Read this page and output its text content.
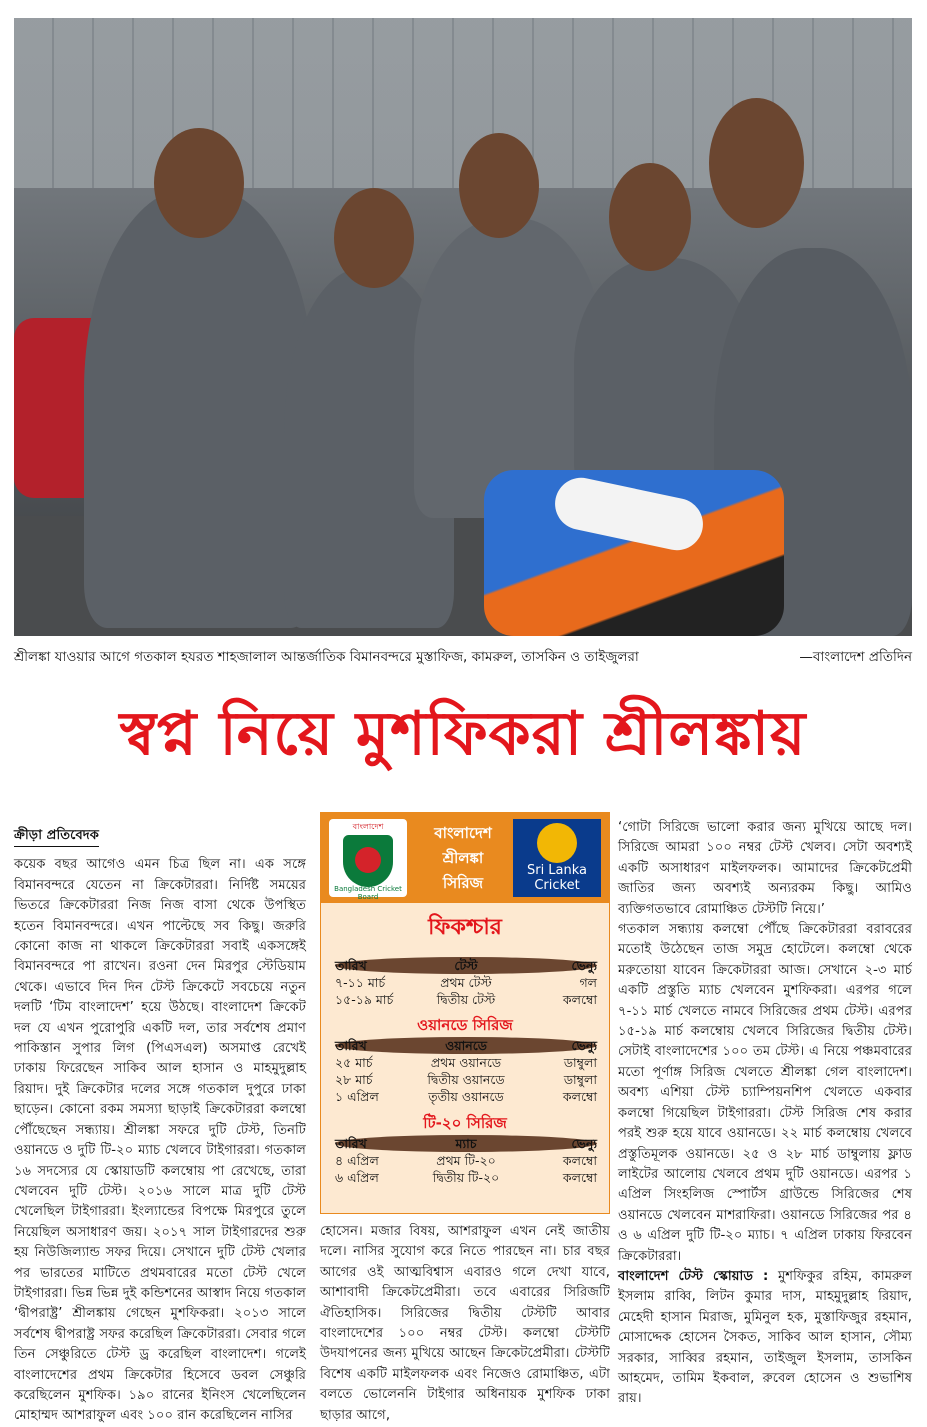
শ্রীলঙ্কা যাওয়ার আগে গতকাল হযরত শাহজালাল আন্তর্জাতিক বিমানবন্দরে মুস্তাফিজ, কামরুল, তাসকিন ও তাইজুলরা	—বাংলাদেশ প্রতিদিন
স্বপ্ন নিয়ে মুশফিকরা শ্রীলঙ্কায়
ক্রীড়া প্রতিবেদক

কয়েক বছর আগেও এমন চিত্র ছিল না। এক সঙ্গে বিমানবন্দরে যেতেন না ক্রিকেটাররা। নির্দিষ্ট সময়ের ভিতরে ক্রিকেটাররা নিজ নিজ বাসা থেকে উপস্থিত হতেন বিমানবন্দরে। এখন পাল্টেছে সব কিছু। জরুরি কোনো কাজ না থাকলে ক্রিকেটাররা সবাই একসঙ্গেই বিমানবন্দরে পা রাখেন। রওনা দেন মিরপুর স্টেডিয়াম থেকে। এভাবে দিন দিন টেস্ট ক্রিকেটে সবচেয়ে নতুন দলটি ‘টিম বাংলাদেশ’ হয়ে উঠছে। বাংলাদেশ ক্রিকেট দল যে এখন পুরোপুরি একটি দল, তার সর্বশেষ প্রমাণ পাকিস্তান সুপার লিগ (পিএসএল) অসমাপ্ত রেখেই ঢাকায় ফিরেছেন সাকিব আল হাসান ও মাহমুদুল্লাহ রিয়াদ। দুই ক্রিকেটার দলের সঙ্গে গতকাল দুপুরে ঢাকা ছাড়েন। কোনো রকম সমস্যা ছাড়াই ক্রিকেটাররা কলম্বো পৌঁছেছেন সন্ধ্যায়। শ্রীলঙ্কা সফরে দুটি টেস্ট, তিনটি ওয়ানডে ও দুটি টি-২০ ম্যাচ খেলবে টাইগাররা। গতকাল ১৬ সদস্যের যে স্কোয়াডটি কলম্বোয় পা রেখেছে, তারা খেলবেন দুটি টেস্ট। ২০১৬ সালে মাত্র দুটি টেস্ট খেলেছিল টাইগাররা। ইংল্যান্ডের বিপক্ষে মিরপুরে তুলে নিয়েছিল অসাধারণ জয়। ২০১৭ সাল টাইগারদের শুরু হয় নিউজিল্যান্ড সফর দিয়ে। সেখানে দুটি টেস্ট খেলার পর ভারতের মাটিতে প্রথমবারের মতো টেস্ট খেলে টাইগাররা। ভিন্ন ভিন্ন দুই কন্ডিশনের আস্বাদ নিয়ে গতকাল ‘দ্বীপরাষ্ট্র’ শ্রীলঙ্কায় গেছেন মুশফিকরা। ২০১৩ সালে সর্বশেষ দ্বীপরাষ্ট্র সফর করেছিল ক্রিকেটাররা। সেবার গলে তিন সেঞ্চুরিতে টেস্ট ড্র করেছিল বাংলাদেশ। গলেই বাংলাদেশের প্রথম ক্রিকেটার হিসেবে ডবল সেঞ্চুরি করেছিলেন মুশফিক। ১৯০ রানের ইনিংস খেলেছিলেন মোহাম্মদ আশরাফুল এবং ১০০ রান করেছিলেন নাসির

বাংলাদেশ
Bangladesh Cricket Board
বাংলাদেশ
শ্রীলঙ্কা
সিরিজ
Sri Lanka
Cricket
ফিকশ্চার
তারিখ	টেস্ট	ভেন্যু
৭-১১ মার্চ	প্রথম টেস্ট	গল
১৫-১৯ মার্চ	দ্বিতীয় টেস্ট	কলম্বো
ওয়ানডে সিরিজ
তারিখ	ওয়ানডে	ভেন্যু
২৫ মার্চ	প্রথম ওয়ানডে	ডাম্বুলা
২৮ মার্চ	দ্বিতীয় ওয়ানডে	ডাম্বুলা
১ এপ্রিল	তৃতীয় ওয়ানডে	কলম্বো
টি-২০ সিরিজ
তারিখ	ম্যাচ	ভেন্যু
৪ এপ্রিল	প্রথম টি-২০	কলম্বো
৬ এপ্রিল	দ্বিতীয় টি-২০	কলম্বো

হোসেন। মজার বিষয়, আশরাফুল এখন নেই জাতীয় দলে। নাসির সুযোগ করে নিতে পারছেন না। চার বছর আগের ওই আত্মবিশ্বাস এবারও গলে দেখা যাবে, আশাবাদী ক্রিকেটপ্রেমীরা। তবে এবারের সিরিজটি ঐতিহাসিক। সিরিজের দ্বিতীয় টেস্টটি আবার বাংলাদেশের ১০০ নম্বর টেস্ট। কলম্বো টেস্টটি উদযাপনের জন্য মুখিয়ে আছেন ক্রিকেটপ্রেমীরা। টেস্টটি বিশেষ একটি মাইলফলক এবং নিজেও রোমাঞ্চিত, এটা বলতে ভোলেননি টাইগার অধিনায়ক মুশফিক ঢাকা ছাড়ার আগে,

‘গোটা সিরিজে ভালো করার জন্য মুখিয়ে আছে দল। সিরিজে আমরা ১০০ নম্বর টেস্ট খেলব। সেটা অবশ্যই একটি অসাধারণ মাইলফলক। আমাদের ক্রিকেটপ্রেমী জাতির জন্য অবশ্যই অন্যরকম কিছু। আমিও ব্যক্তিগতভাবে রোমাঞ্চিত টেস্টটি নিয়ে।’

গতকাল সন্ধ্যায় কলম্বো পৌঁছে ক্রিকেটাররা বরাবরের মতোই উঠেছেন তাজ সমুদ্র হোটেলে। কলম্বো থেকে মরুতোয়া যাবেন ক্রিকেটাররা আজ। সেখানে ২-৩ মার্চ একটি প্রস্তুতি ম্যাচ খেলবেন মুশফিকরা। এরপর গলে ৭-১১ মার্চ খেলতে নামবে সিরিজের প্রথম টেস্ট। এরপর ১৫-১৯ মার্চ কলম্বোয় খেলবে সিরিজের দ্বিতীয় টেস্ট। সেটাই বাংলাদেশের ১০০ তম টেস্ট। এ নিয়ে পঞ্চমবারের মতো পূর্ণাঙ্গ সিরিজ খেলতে শ্রীলঙ্কা গেল বাংলাদেশ। অবশ্য এশিয়া টেস্ট চ্যাম্পিয়নশিপ খেলতে একবার কলম্বো গিয়েছিল টাইগাররা। টেস্ট সিরিজ শেষ করার পরই শুরু হয়ে যাবে ওয়ানডে। ২২ মার্চ কলম্বোয় খেলবে প্রস্তুতিমূলক ওয়ানডে। ২৫ ও ২৮ মার্চ ডাম্বুলায় ফ্লাড লাইটের আলোয় খেলবে প্রথম দুটি ওয়ানডে। এরপর ১ এপ্রিল সিংহলিজ স্পোর্টস গ্রাউন্ডে সিরিজের শেষ ওয়ানডে খেলবেন মাশরাফিরা। ওয়ানডে সিরিজের পর ৪ ও ৬ এপ্রিল দুটি টি-২০ ম্যাচ। ৭ এপ্রিল ঢাকায় ফিরবেন ক্রিকেটাররা।

বাংলাদেশ টেস্ট স্কোয়াড : মুশফিকুর রহিম, কামরুল ইসলাম রাব্বি, লিটন কুমার দাস, মাহমুদুল্লাহ রিয়াদ, মেহেদী হাসান মিরাজ, মুমিনুল হক, মুস্তাফিজুর রহমান, মোসাদ্দেক হোসেন সৈকত, সাকিব আল হাসান, সৌম্য সরকার, সাব্বির রহমান, তাইজুল ইসলাম, তাসকিন আহমেদ, তামিম ইকবাল, রুবেল হোসেন ও শুভাশিষ রায়।
